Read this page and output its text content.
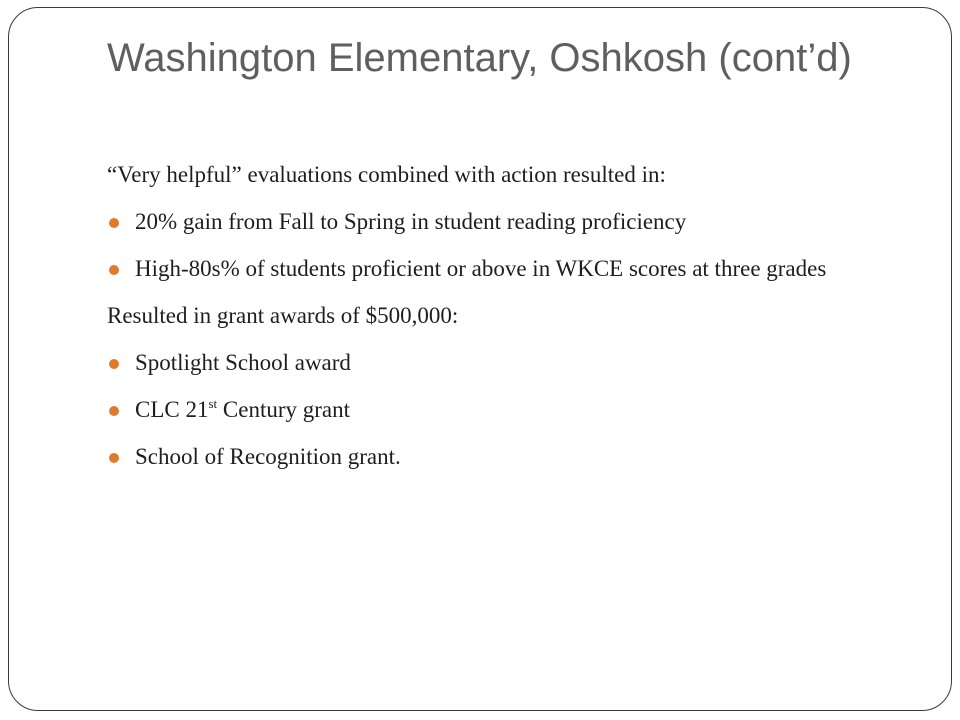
Washington Elementary, Oshkosh (cont’d)

“Very helpful” evaluations combined with action resulted in:

20% gain from Fall to Spring in student reading proficiency
High-80s% of students proficient or above in WKCE scores at three grades

Resulted in grant awards of $500,000:

Spotlight School award
CLC 21st Century grant
School of Recognition grant.
